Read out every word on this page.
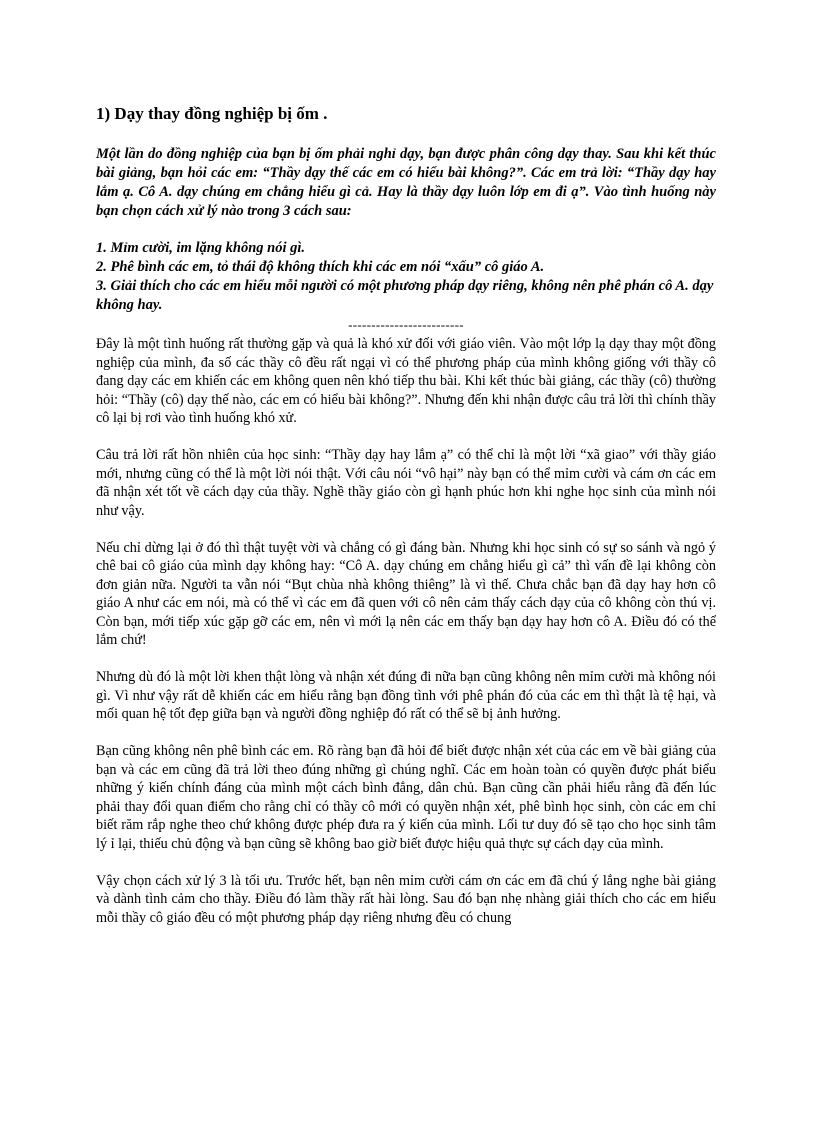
1) Dạy thay đồng nghiệp bị ốm .

Một lần do đồng nghiệp của bạn bị ốm phải nghỉ dạy, bạn được phân công dạy thay. Sau khi kết thúc bài giảng, bạn hỏi các em: “Thầy dạy thế các em có hiểu bài không?”. Các em trả lời: “Thầy dạy hay lắm ạ. Cô A. dạy chúng em chẳng hiểu gì cả. Hay là thầy dạy luôn lớp em đi ạ”. Vào tình huống này bạn chọn cách xử lý nào trong 3 cách sau:

1. Mỉm cười, im lặng không nói gì.

2. Phê bình các em, tỏ thái độ không thích khi các em nói “xấu” cô giáo A.

3. Giải thích cho các em hiểu mỗi người có một phương pháp dạy riêng, không nên phê phán cô A. dạy không hay.

-------------------------

Đây là một tình huống rất thường gặp và quả là khó xử đối với giáo viên. Vào một lớp lạ dạy thay một đồng nghiệp của mình, đa số các thầy cô đều rất ngại vì có thể phương pháp của mình không giống với thầy cô đang dạy các em khiến các em không quen nên khó tiếp thu bài. Khi kết thúc bài giảng, các thầy (cô) thường hỏi: “Thầy (cô) dạy thế nào, các em có hiểu bài không?”. Nhưng đến khi nhận được câu trả lời thì chính thầy cô lại bị rơi vào tình huống khó xử.

Câu trả lời rất hồn nhiên của học sinh: “Thầy dạy hay lắm ạ” có thể chỉ là một lời “xã giao” với thầy giáo mới, nhưng cũng có thể là một lời nói thật. Với câu nói “vô hại” này bạn có thể mỉm cười và cám ơn các em đã nhận xét tốt về cách dạy của thầy. Nghề thầy giáo còn gì hạnh phúc hơn khi nghe học sinh của mình nói như vậy.

Nếu chỉ dừng lại ở đó thì thật tuyệt vời và chẳng có gì đáng bàn. Nhưng khi học sinh có sự so sánh và ngỏ ý chê bai cô giáo của mình dạy không hay: “Cô A. dạy chúng em chẳng hiểu gì cả” thì vấn đề lại không còn đơn giản nữa. Người ta vẫn nói “Bụt chùa nhà không thiêng” là vì thế. Chưa chắc bạn đã dạy hay hơn cô giáo A như các em nói, mà có thể vì các em đã quen với cô nên cảm thấy cách dạy của cô không còn thú vị. Còn bạn, mới tiếp xúc gặp gỡ các em, nên vì mới lạ nên các em thấy bạn dạy hay hơn cô A. Điều đó có thể lắm chứ!

Nhưng dù đó là một lời khen thật lòng và nhận xét đúng đi nữa bạn cũng không nên mỉm cười mà không nói gì. Vì như vậy rất dễ khiến các em hiểu rằng bạn đồng tình với phê phán đó của các em thì thật là tệ hại, và mối quan hệ tốt đẹp giữa bạn và người đồng nghiệp đó rất có thể sẽ bị ảnh hưởng.

Bạn cũng không nên phê bình các em. Rõ ràng bạn đã hỏi để biết được nhận xét của các em về bài giảng của bạn và các em cũng đã trả lời theo đúng những gì chúng nghĩ. Các em hoàn toàn có quyền được phát biểu những ý kiến chính đáng của mình một cách bình đẳng, dân chủ. Bạn cũng cần phải hiểu rằng đã đến lúc phải thay đổi quan điểm cho rằng chỉ có thầy cô mới có quyền nhận xét, phê bình học sinh, còn các em chỉ biết răm rắp nghe theo chứ không được phép đưa ra ý kiến của mình. Lối tư duy đó sẽ tạo cho học sinh tâm lý ỉ lại, thiếu chủ động và bạn cũng sẽ không bao giờ biết được hiệu quả thực sự cách dạy của mình.

Vậy chọn cách xử lý 3 là tối ưu. Trước hết, bạn nên mỉm cười cám ơn các em đã chú ý lắng nghe bài giảng và dành tình cảm cho thầy. Điều đó làm thầy rất hài lòng. Sau đó bạn nhẹ nhàng giải thích cho các em hiểu mỗi thầy cô giáo đều có một phương pháp dạy riêng nhưng đều có chung
